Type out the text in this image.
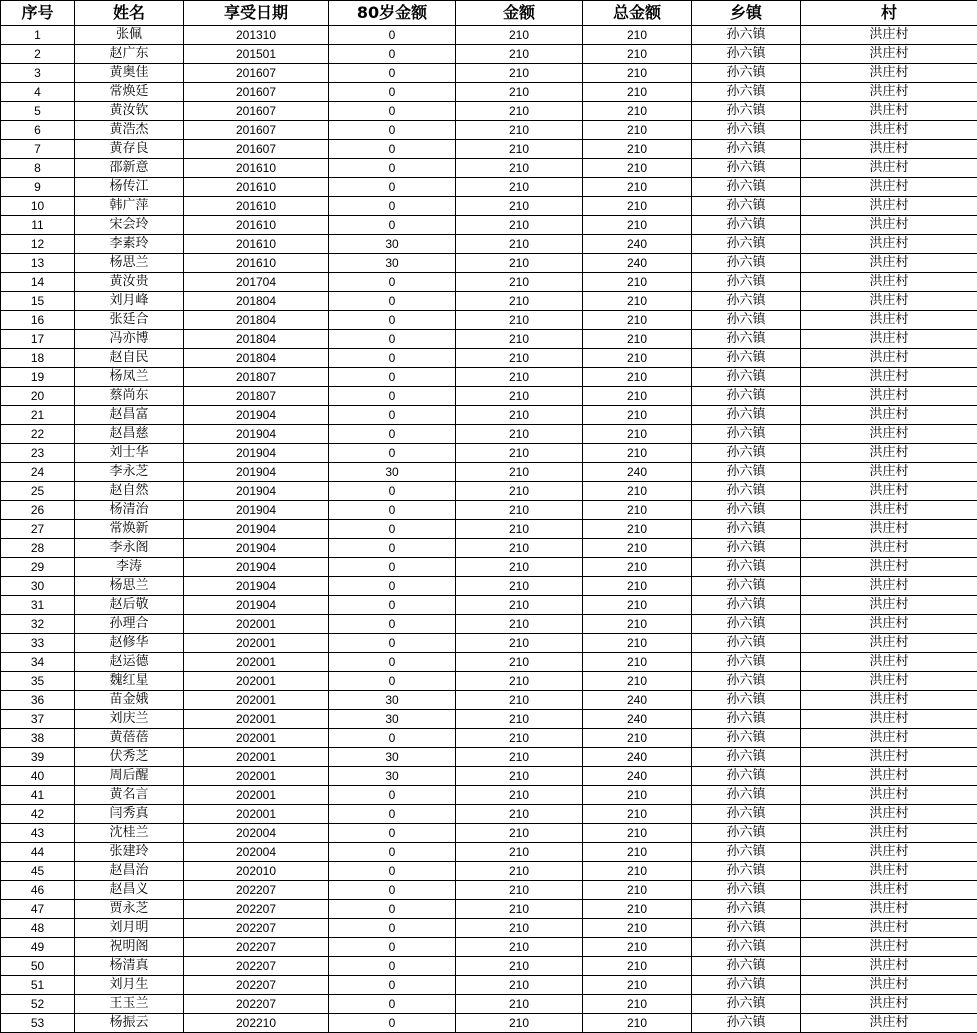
序号	姓名	享受日期	80岁金额	金额	总金额	乡镇	村
1	张佩	201310	0	210	210	孙六镇	洪庄村
2	赵广东	201501	0	210	210	孙六镇	洪庄村
3	黄奥佳	201607	0	210	210	孙六镇	洪庄村
4	常焕廷	201607	0	210	210	孙六镇	洪庄村
5	黄汝钦	201607	0	210	210	孙六镇	洪庄村
6	黄浩杰	201607	0	210	210	孙六镇	洪庄村
7	黄存良	201607	0	210	210	孙六镇	洪庄村
8	邵新意	201610	0	210	210	孙六镇	洪庄村
9	杨传江	201610	0	210	210	孙六镇	洪庄村
10	韩广萍	201610	0	210	210	孙六镇	洪庄村
11	宋会玲	201610	0	210	210	孙六镇	洪庄村
12	李素玲	201610	30	210	240	孙六镇	洪庄村
13	杨思兰	201610	30	210	240	孙六镇	洪庄村
14	黄汝贵	201704	0	210	210	孙六镇	洪庄村
15	刘月峰	201804	0	210	210	孙六镇	洪庄村
16	张廷合	201804	0	210	210	孙六镇	洪庄村
17	冯亦博	201804	0	210	210	孙六镇	洪庄村
18	赵自民	201804	0	210	210	孙六镇	洪庄村
19	杨凤兰	201807	0	210	210	孙六镇	洪庄村
20	蔡尚东	201807	0	210	210	孙六镇	洪庄村
21	赵昌富	201904	0	210	210	孙六镇	洪庄村
22	赵昌慈	201904	0	210	210	孙六镇	洪庄村
23	刘士华	201904	0	210	210	孙六镇	洪庄村
24	李永芝	201904	30	210	240	孙六镇	洪庄村
25	赵自然	201904	0	210	210	孙六镇	洪庄村
26	杨清治	201904	0	210	210	孙六镇	洪庄村
27	常焕新	201904	0	210	210	孙六镇	洪庄村
28	李永阁	201904	0	210	210	孙六镇	洪庄村
29	李涛	201904	0	210	210	孙六镇	洪庄村
30	杨思兰	201904	0	210	210	孙六镇	洪庄村
31	赵后敬	201904	0	210	210	孙六镇	洪庄村
32	孙理合	202001	0	210	210	孙六镇	洪庄村
33	赵修华	202001	0	210	210	孙六镇	洪庄村
34	赵运德	202001	0	210	210	孙六镇	洪庄村
35	魏红星	202001	0	210	210	孙六镇	洪庄村
36	苗金娥	202001	30	210	240	孙六镇	洪庄村
37	刘庆兰	202001	30	210	240	孙六镇	洪庄村
38	黄蓓蓓	202001	0	210	210	孙六镇	洪庄村
39	伏秀芝	202001	30	210	240	孙六镇	洪庄村
40	周后醒	202001	30	210	240	孙六镇	洪庄村
41	黄名言	202001	0	210	210	孙六镇	洪庄村
42	闫秀真	202001	0	210	210	孙六镇	洪庄村
43	沈桂兰	202004	0	210	210	孙六镇	洪庄村
44	张建玲	202004	0	210	210	孙六镇	洪庄村
45	赵昌治	202010	0	210	210	孙六镇	洪庄村
46	赵昌义	202207	0	210	210	孙六镇	洪庄村
47	贾永芝	202207	0	210	210	孙六镇	洪庄村
48	刘月明	202207	0	210	210	孙六镇	洪庄村
49	祝明阁	202207	0	210	210	孙六镇	洪庄村
50	杨清真	202207	0	210	210	孙六镇	洪庄村
51	刘月生	202207	0	210	210	孙六镇	洪庄村
52	王玉兰	202207	0	210	210	孙六镇	洪庄村
53	杨振云	202210	0	210	210	孙六镇	洪庄村
